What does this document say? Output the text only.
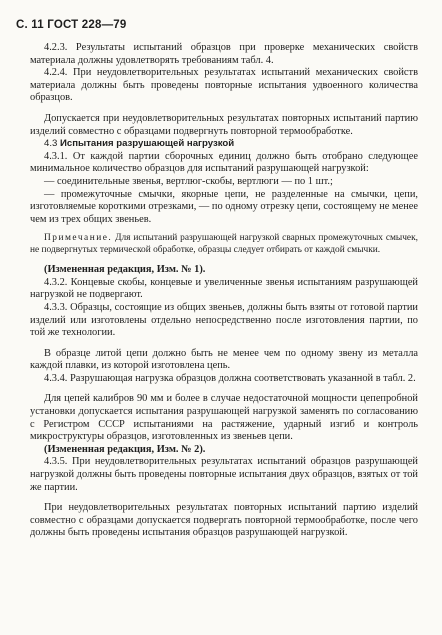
С. 11 ГОСТ 228—79

4.2.3. Результаты испытаний образцов при проверке механических свойств материала должны удовлетворять требованиям табл. 4.

4.2.4. При неудовлетворительных результатах испытаний механических свойств материала должны быть проведены повторные испытания удвоенного количества образцов.

Допускается при неудовлетворительных результатах повторных испытаний партию изделий совместно с образцами подвергнуть повторной термообработке.

4.3 Испытания разрушающей нагрузкой

4.3.1. От каждой партии сборочных единиц должно быть отобрано следующее минимальное количество образцов для испытаний разрушающей нагрузкой:

— соединительные звенья, вертлюг-скобы, вертлюги — по 1 шт.;

— промежуточные смычки, якорные цепи, не разделенные на смычки, цепи, изготовляемые короткими отрезками, — по одному отрезку цепи, состоящему не менее чем из трех общих звеньев.

Примечание. Для испытаний разрушающей нагрузкой сварных промежуточных смычек, не подвергнутых термической обработке, образцы следует отбирать от каждой смычки.

(Измененная редакция, Изм. № 1).

4.3.2. Концевые скобы, концевые и увеличенные звенья испытаниям разрушающей нагрузкой не подвергают.

4.3.3. Образцы, состоящие из общих звеньев, должны быть взяты от готовой партии изделий или изготовлены отдельно непосредственно после изготовления партии, по той же технологии.

В образце литой цепи должно быть не менее чем по одному звену из металла каждой плавки, из которой изготовлена цепь.

4.3.4. Разрушающая нагрузка образцов должна соответствовать указанной в табл. 2.

Для цепей калибров 90 мм и более в случае недостаточной мощности цепепробной установки допускается испытания разрушающей нагрузкой заменять по согласованию с Регистром СССР испытаниями на растяжение, ударный изгиб и контроль микроструктуры образцов, изготовленных из звеньев цепи.

(Измененная редакция, Изм. № 2).

4.3.5. При неудовлетворительных результатах испытаний образцов разрушающей нагрузкой должны быть проведены повторные испытания двух образцов, взятых от той же партии.

При неудовлетворительных результатах повторных испытаний партию изделий совместно с образцами допускается подвергать повторной термообработке, после чего должны быть проведены испытания образцов разрушающей нагрузкой.
